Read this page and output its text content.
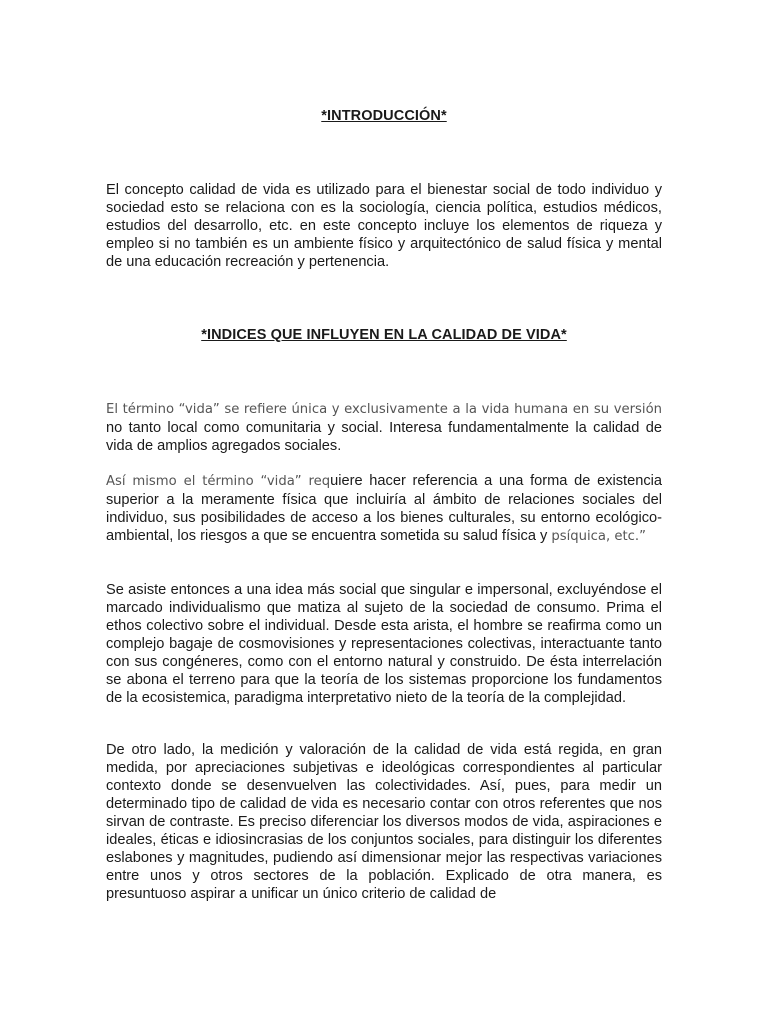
*INTRODUCCIÓN*

El concepto calidad de vida es utilizado para el bienestar social de todo individuo y sociedad esto se relaciona con es la sociología, ciencia política, estudios médicos, estudios del desarrollo, etc. en este concepto incluye los elementos de riqueza y empleo si no también es un ambiente físico y arquitectónico de salud física y mental de una educación recreación y pertenencia.

*INDICES QUE INFLUYEN EN LA CALIDAD DE VIDA*

El término “vida” se refiere única y exclusivamente a la vida humana en su versión no tanto local como comunitaria y social. Interesa fundamentalmente la calidad de vida de amplios agregados sociales.

Así mismo el término “vida” requiere hacer referencia a una forma de existencia superior a la meramente física que incluiría al ámbito de relaciones sociales del individuo, sus posibilidades de acceso a los bienes culturales, su entorno ecológico-ambiental, los riesgos a que se encuentra sometida su salud física y psíquica, etc.”

Se asiste entonces a una idea más social que singular e impersonal, excluyéndose el marcado individualismo que matiza al sujeto de la sociedad de consumo. Prima el ethos colectivo sobre el individual. Desde esta arista, el hombre se reafirma como un complejo bagaje de cosmovisiones y representaciones colectivas, interactuante tanto con sus congéneres, como con el entorno natural y construido. De ésta interrelación se abona el terreno para que la teoría de los sistemas proporcione los fundamentos de la ecosistemica, paradigma interpretativo nieto de la teoría de la complejidad.

De otro lado, la medición y valoración de la calidad de vida está regida, en gran medida, por apreciaciones subjetivas e ideológicas correspondientes al particular contexto donde se desenvuelven las colectividades. Así, pues, para medir un determinado tipo de calidad de vida es necesario contar con otros referentes que nos sirvan de contraste. Es preciso diferenciar los diversos modos de vida, aspiraciones e ideales, éticas e idiosincrasias de los conjuntos sociales, para distinguir los diferentes eslabones y magnitudes, pudiendo así dimensionar mejor las respectivas variaciones entre unos y otros sectores de la población. Explicado de otra manera, es presuntuoso aspirar a unificar un único criterio de calidad de
